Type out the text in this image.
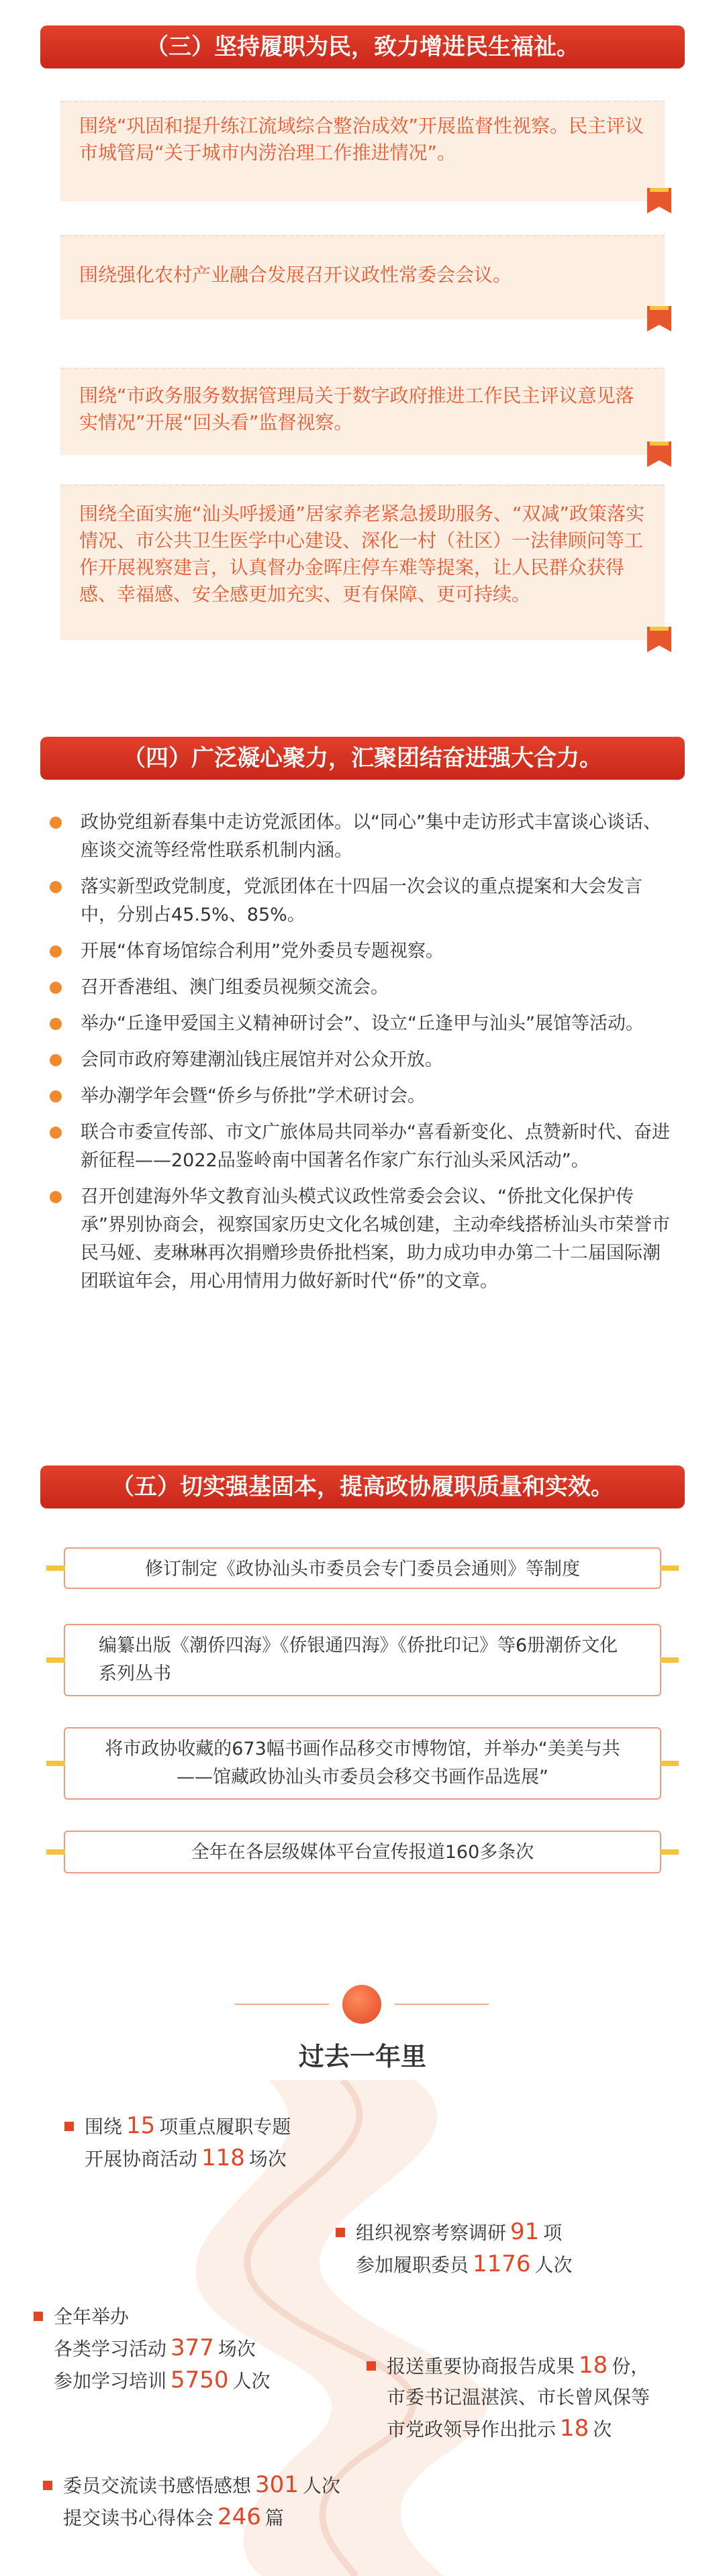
（三）坚持履职为民，致力增进民生福祉。
围绕“巩固和提升练江流域综合整治成效”开展监督性视察。民主评议市城管局“关于城市内涝治理工作推进情况”。
围绕强化农村产业融合发展召开议政性常委会会议。
围绕“市政务服务数据管理局关于数字政府推进工作民主评议意见落实情况”开展“回头看”监督视察。
围绕全面实施“汕头呼援通”居家养老紧急援助服务、“双减”政策落实情况、市公共卫生医学中心建设、深化一村（社区）一法律顾问等工作开展视察建言，认真督办金晖庄停车难等提案，让人民群众获得感、幸福感、安全感更加充实、更有保障、更可持续。
（四）广泛凝心聚力，汇聚团结奋进强大合力。
政协党组新春集中走访党派团体。以“同心”集中走访形式丰富谈心谈话、座谈交流等经常性联系机制内涵。
落实新型政党制度，党派团体在十四届一次会议的重点提案和大会发言中，分别占45.5%、85%。
开展“体育场馆综合利用”党外委员专题视察。
召开香港组、澳门组委员视频交流会。
举办“丘逢甲爱国主义精神研讨会”、设立“丘逢甲与汕头”展馆等活动。
会同市政府筹建潮汕钱庄展馆并对公众开放。
举办潮学年会暨“侨乡与侨批”学术研讨会。
联合市委宣传部、市文广旅体局共同举办“喜看新变化、点赞新时代、奋进新征程——2022品鉴岭南中国著名作家广东行汕头采风活动”。
召开创建海外华文教育汕头模式议政性常委会会议、“侨批文化保护传承”界别协商会，视察国家历史文化名城创建，主动牵线搭桥汕头市荣誉市民马娅、麦琳琳再次捐赠珍贵侨批档案，助力成功申办第二十二届国际潮团联谊年会，用心用情用力做好新时代“侨”的文章。
（五）切实强基固本，提高政协履职质量和实效。
修订制定《政协汕头市委员会专门委员会通则》等制度
编纂出版《潮侨四海》《侨银通四海》《侨批印记》等6册潮侨文化系列丛书
将市政协收藏的673幅书画作品移交市博物馆，并举办“美美与共——馆藏政协汕头市委员会移交书画作品选展”
全年在各层级媒体平台宣传报道160多条次
过去一年里
围绕 15 项重点履职专题
开展协商活动 118 场次
组织视察考察调研 91 项
参加履职委员 1176 人次
全年举办
各类学习活动 377 场次
参加学习培训 5750 人次
报送重要协商报告成果 18 份，
市委书记温湛滨、市长曾风保等
市党政领导作出批示 18 次
委员交流读书感悟感想 301 人次
提交读书心得体会 246 篇
